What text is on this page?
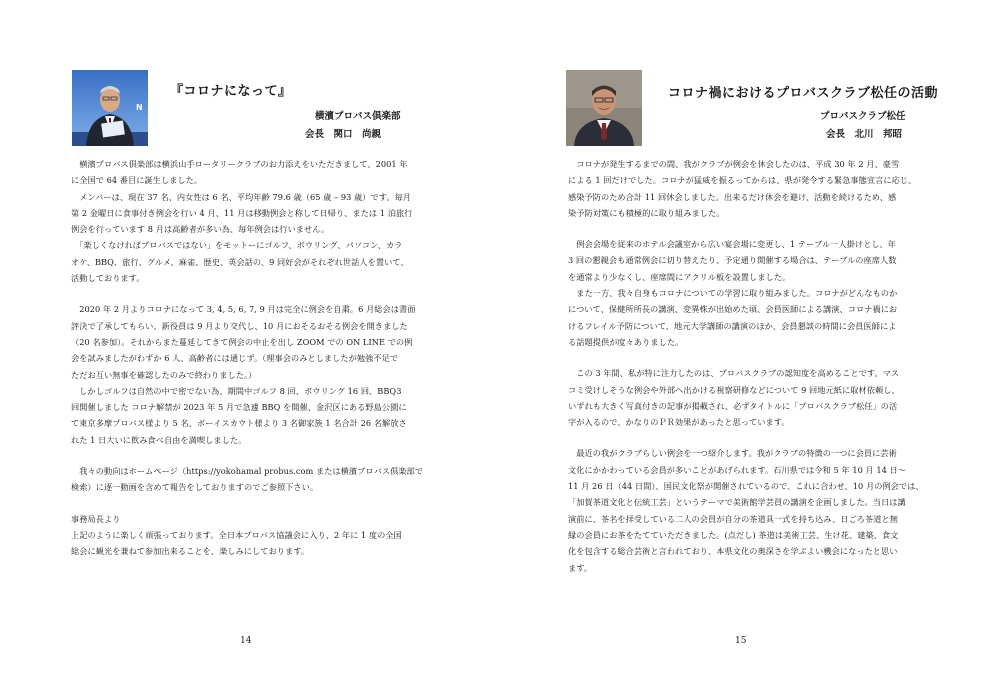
N
『コロナになって』
横濱プロバス倶楽部
会長　関口　尚親

　横濱プロバス倶楽部は横浜山手ロータリークラブのお力添えをいただきまして、2001 年

に全国で 64 番目に誕生しました。

　メンバーは、現在 37 名、内女性は 6 名、平均年齢 79.6 歳（65 歳 – 93 歳）です。毎月

第 2 金曜日に食事付き例会を行い 4 月、11 月は移動例会と称して日帰り、または 1 泊旅行

例会を行っています 8 月は高齢者が多い為、毎年例会は行いません。

　「楽しくなければプロバスではない」をモットーにゴルフ、ボウリング、パソコン、カラ

オケ、BBQ、旅行、グルメ、麻雀、歴史、英会話の、9 同好会がそれぞれ世話人を置いて、

活動しております。

　2020 年 2 月よりコロナになって 3, 4, 5, 6, 7, 9 月は完全に例会を自粛。6 月総会は書面

評決で了承してもらい、新役員は 9 月より交代し、10 月におそるおそる例会を開きました

（20 名参加）。それからまた蔓延してきて例会の中止を出し ZOOM での ON LINE での例

会を試みましたがわずか 6 人、高齢者には通じず。（理事会のみとしましたが勉強不足で

ただお互い無事を確認したのみで終わりました。）

　しかしゴルフは自然の中で密でない為、期間中ゴルフ 8 回、ボウリング 16 回、BBQ3

回開催しました コロナ解禁が 2023 年 5 月で急遽 BBQ を開催、金沢区にある野島公園に

て東京多摩プロバス様より 5 名、ボーイスカウト様より 3 名御家族 1 名合計 26 名解放さ

れた 1 日大いに飲み食べ自由を満喫しました。

　我々の動向はホームページ（https://yokohamal probus.com または横濱プロバス倶楽部で

検索）に逐一動画を含めて報告をしておりますのでご参照下さい。

事務局長より

上記のように楽しく頑張っております。全日本プロバス協議会に入り、2 年に 1 度の全国

総会に観光を兼ねて参加出来ることを、楽しみにしております。

14
コロナ禍におけるプロバスクラブ松任の活動
プロバスクラブ松任
会長　北川　邦昭

　コロナが発生するまでの間、我がクラブが例会を休会したのは、平成 30 年 2 月、豪雪

による 1 回だけでした。コロナが猛威を振るってからは、県が発令する緊急事態宣言に応じ、

感染予防のため合計 11 回休会しました。出来るだけ休会を避け、活動を続けるため、感

染予防対策にも積極的に取り組みました。

　例会会場を従来のホテル会議室から広い宴会場に変更し、1 テーブル一人掛けとし、年

3 回の懇親会も通常例会に切り替えたり、予定通り開催する場合は、テーブルの座席人数

を通常より少なくし、座席間にアクリル板を設置しました。

　また一方、我々自身もコロナについての学習に取り組みました。コロナがどんなものか

について、保健所所長の講演、変異株が出始めた頃、会員医師による講演、コロナ禍にお

けるフレイル予防について、地元大学講師の講演のほか、会員懇談の時間に会員医師によ

る話題提供が度々ありました。

　この 3 年間、私が特に注力したのは、プロバスクラブの認知度を高めることです。マス

コミ受けしそうな例会や外部へ出かける視察研修などについて 9 回地元紙に取材依頼し、

いずれも大きく写真付きの記事が掲載され、必ずタイトルに「プロバスクラブ松任」の活

字が入るので、かなりのＰＲ効果があったと思っています。

　最近の我がクラブらしい例会を一つ紹介します。我がクラブの特徴の一つに会員に芸術

文化にかかわっている会員が多いことがあげられます。石川県では令和 5 年 10 月 14 日～

11 月 26 日（44 日間）、国民文化祭が開催されているので、これに合わせ、10 月の例会では、

「加賀茶道文化と伝統工芸」というテーマで美術館学芸員の講演を企画しました。当日は講

演前に、茶名を拝受している二人の会員が自分の茶道具一式を持ち込み、日ごろ茶道と無

縁の会員にお茶をたてていただきました。(点だし) 茶道は美術工芸、生け花、建築、食文

化を包含する総合芸術と言われており、本県文化の奥深さを学ぶよい機会になったと思い

ます。

15
